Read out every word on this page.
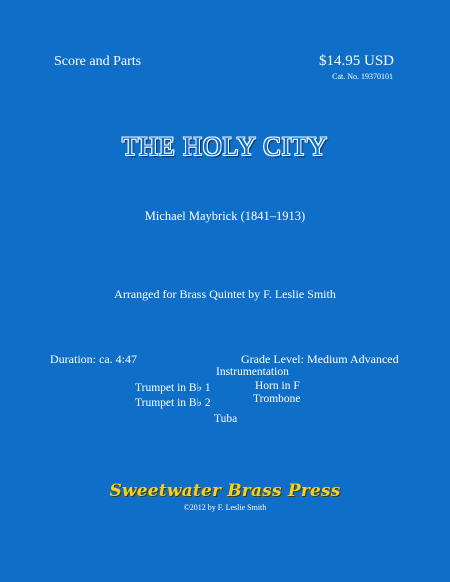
Score and Parts	$14.95 USD
Cat. No. 19370101
THE HOLY CITY
Michael Maybrick (1841–1913)
Arranged for Brass Quintet by F. Leslie Smith
Duration: ca. 4:47	Grade Level: Medium Advanced
Instrumentation
Trumpet in B♭ 1	Horn in F
Trumpet in B♭ 2	Trombone
Tuba
Sweetwater Brass Press
©2012 by F. Leslie Smith
